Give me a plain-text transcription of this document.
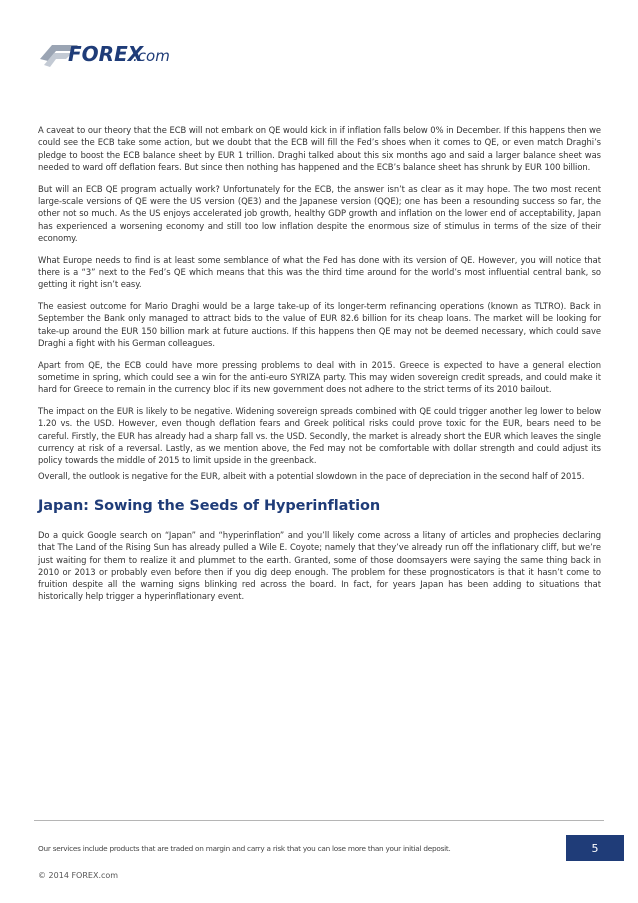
FOREX
.com

A caveat to our theory that the ECB will not embark on QE would kick in if inflation falls below 0% in December. If this happens then we could see the ECB take some action, but we doubt that the ECB will fill the Fed’s shoes when it comes to QE, or even match Draghi’s pledge to boost the ECB balance sheet by EUR 1 trillion. Draghi talked about this six months ago and said a larger balance sheet was needed to ward off deflation fears. But since then nothing has happened and the ECB’s balance sheet has shrunk by EUR 100 billion.

But will an ECB QE program actually work? Unfortunately for the ECB, the answer isn’t as clear as it may hope. The two most recent large-scale versions of QE were the US version (QE3) and the Japanese version (QQE); one has been a resounding success so far, the other not so much. As the US enjoys accelerated job growth, healthy GDP growth and inflation on the lower end of acceptability, Japan has experienced a worsening economy and still too low inflation despite the enormous size of stimulus in terms of the size of their economy.

What Europe needs to find is at least some semblance of what the Fed has done with its version of QE. However, you will notice that there is a “3” next to the Fed’s QE which means that this was the third time around for the world’s most influential central bank, so getting it right isn’t easy.

The easiest outcome for Mario Draghi would be a large take-up of its longer-term refinancing operations (known as TLTRO). Back in September the Bank only managed to attract bids to the value of EUR 82.6 billion for its cheap loans. The market will be looking for take-up around the EUR 150 billion mark at future auctions. If this happens then QE may not be deemed necessary, which could save Draghi a fight with his German colleagues.

Apart from QE, the ECB could have more pressing problems to deal with in 2015. Greece is expected to have a general election sometime in spring, which could see a win for the anti-euro SYRIZA party. This may widen sovereign credit spreads, and could make it hard for Greece to remain in the currency bloc if its new government does not adhere to the strict terms of its 2010 bailout.

The impact on the EUR is likely to be negative. Widening sovereign spreads combined with QE could trigger another leg lower to below 1.20 vs. the USD. However, even though deflation fears and Greek political risks could prove toxic for the EUR, bears need to be careful. Firstly, the EUR has already had a sharp fall vs. the USD. Secondly, the market is already short the EUR which leaves the single currency at risk of a reversal. Lastly, as we mention above, the Fed may not be comfortable with dollar strength and could adjust its policy towards the middle of 2015 to limit upside in the greenback.

Overall, the outlook is negative for the EUR, albeit with a potential slowdown in the pace of depreciation in the second half of 2015.

Japan: Sowing the Seeds of Hyperinflation

Do a quick Google search on “Japan” and “hyperinflation” and you’ll likely come across a litany of articles and prophecies declaring that The Land of the Rising Sun has already pulled a Wile E. Coyote; namely that they’ve already run off the inflationary cliff, but we’re just waiting for them to realize it and plummet to the earth. Granted, some of those doomsayers were saying the same thing back in 2010 or 2013 or probably even before then if you dig deep enough. The problem for these prognosticators is that it hasn’t come to fruition despite all the warning signs blinking red across the board. In fact, for years Japan has been adding to situations that historically help trigger a hyperinflationary event.

Our services include products that are traded on margin and carry a risk that you can lose more than your initial deposit.	5
© 2014 FOREX.com
